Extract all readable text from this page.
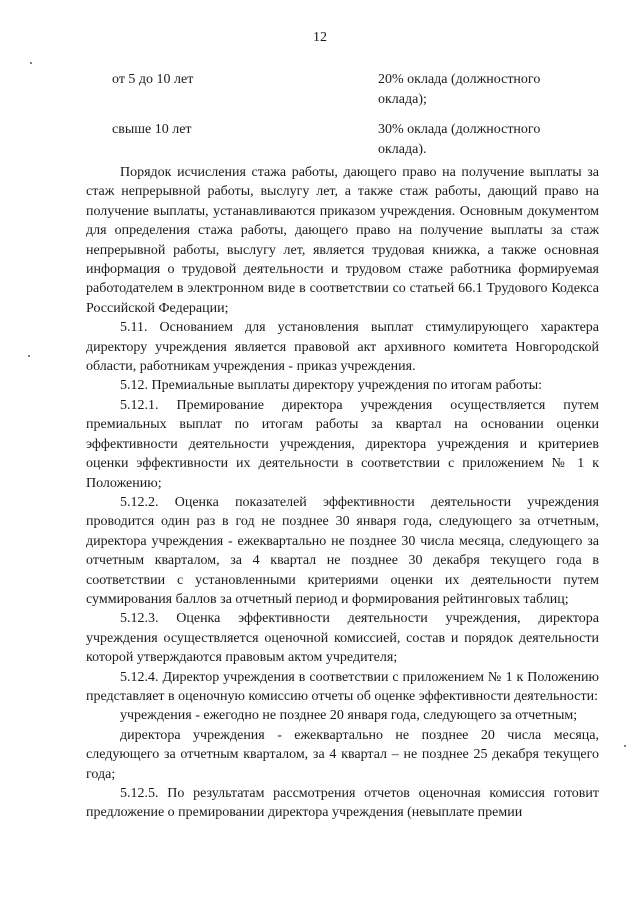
12
от 5 до 10 лет	20% оклада (должностного оклада);
свыше 10 лет	30% оклада (должностного оклада).

Порядок исчисления стажа работы, дающего право на получение выплаты за стаж непрерывной работы, выслугу лет, а также стаж работы, дающий право на получение выплаты, устанавливаются приказом учреждения. Основным документом для определения стажа работы, дающего право на получение выплаты за стаж непрерывной работы, выслугу лет, является трудовая книжка, а также основная информация о трудовой деятельности и трудовом стаже работника формируемая работодателем в электронном виде в соответствии со статьей 66.1 Трудового Кодекса Российской Федерации;

5.11. Основанием для установления выплат стимулирующего характера директору учреждения является правовой акт архивного комитета Новгородской области, работникам учреждения - приказ учреждения.

5.12. Премиальные выплаты директору учреждения по итогам работы:

5.12.1. Премирование директора учреждения осуществляется путем премиальных выплат по итогам работы за квартал на основании оценки эффективности деятельности учреждения, директора учреждения и критериев оценки эффективности их деятельности в соответствии с приложением № 1 к Положению;

5.12.2. Оценка показателей эффективности деятельности учреждения проводится один раз в год не позднее 30 января года, следующего за отчетным, директора учреждения - ежеквартально не позднее 30 числа месяца, следующего за отчетным кварталом, за 4 квартал не позднее 30 декабря текущего года в соответствии с установленными критериями оценки их деятельности путем суммирования баллов за отчетный период и формирования рейтинговых таблиц;

5.12.3. Оценка эффективности деятельности учреждения, директора учреждения осуществляется оценочной комиссией, состав и порядок деятельности которой утверждаются правовым актом учредителя;

5.12.4. Директор учреждения в соответствии с приложением № 1 к Положению представляет в оценочную комиссию отчеты об оценке эффективности деятельности:

учреждения - ежегодно не позднее 20 января года, следующего за отчетным;

директора учреждения - ежеквартально не позднее 20 числа месяца, следующего за отчетным кварталом, за 4 квартал – не позднее 25 декабря текущего года;

5.12.5. По результатам рассмотрения отчетов оценочная комиссия готовит предложение о премировании директора учреждения (невыплате премии
